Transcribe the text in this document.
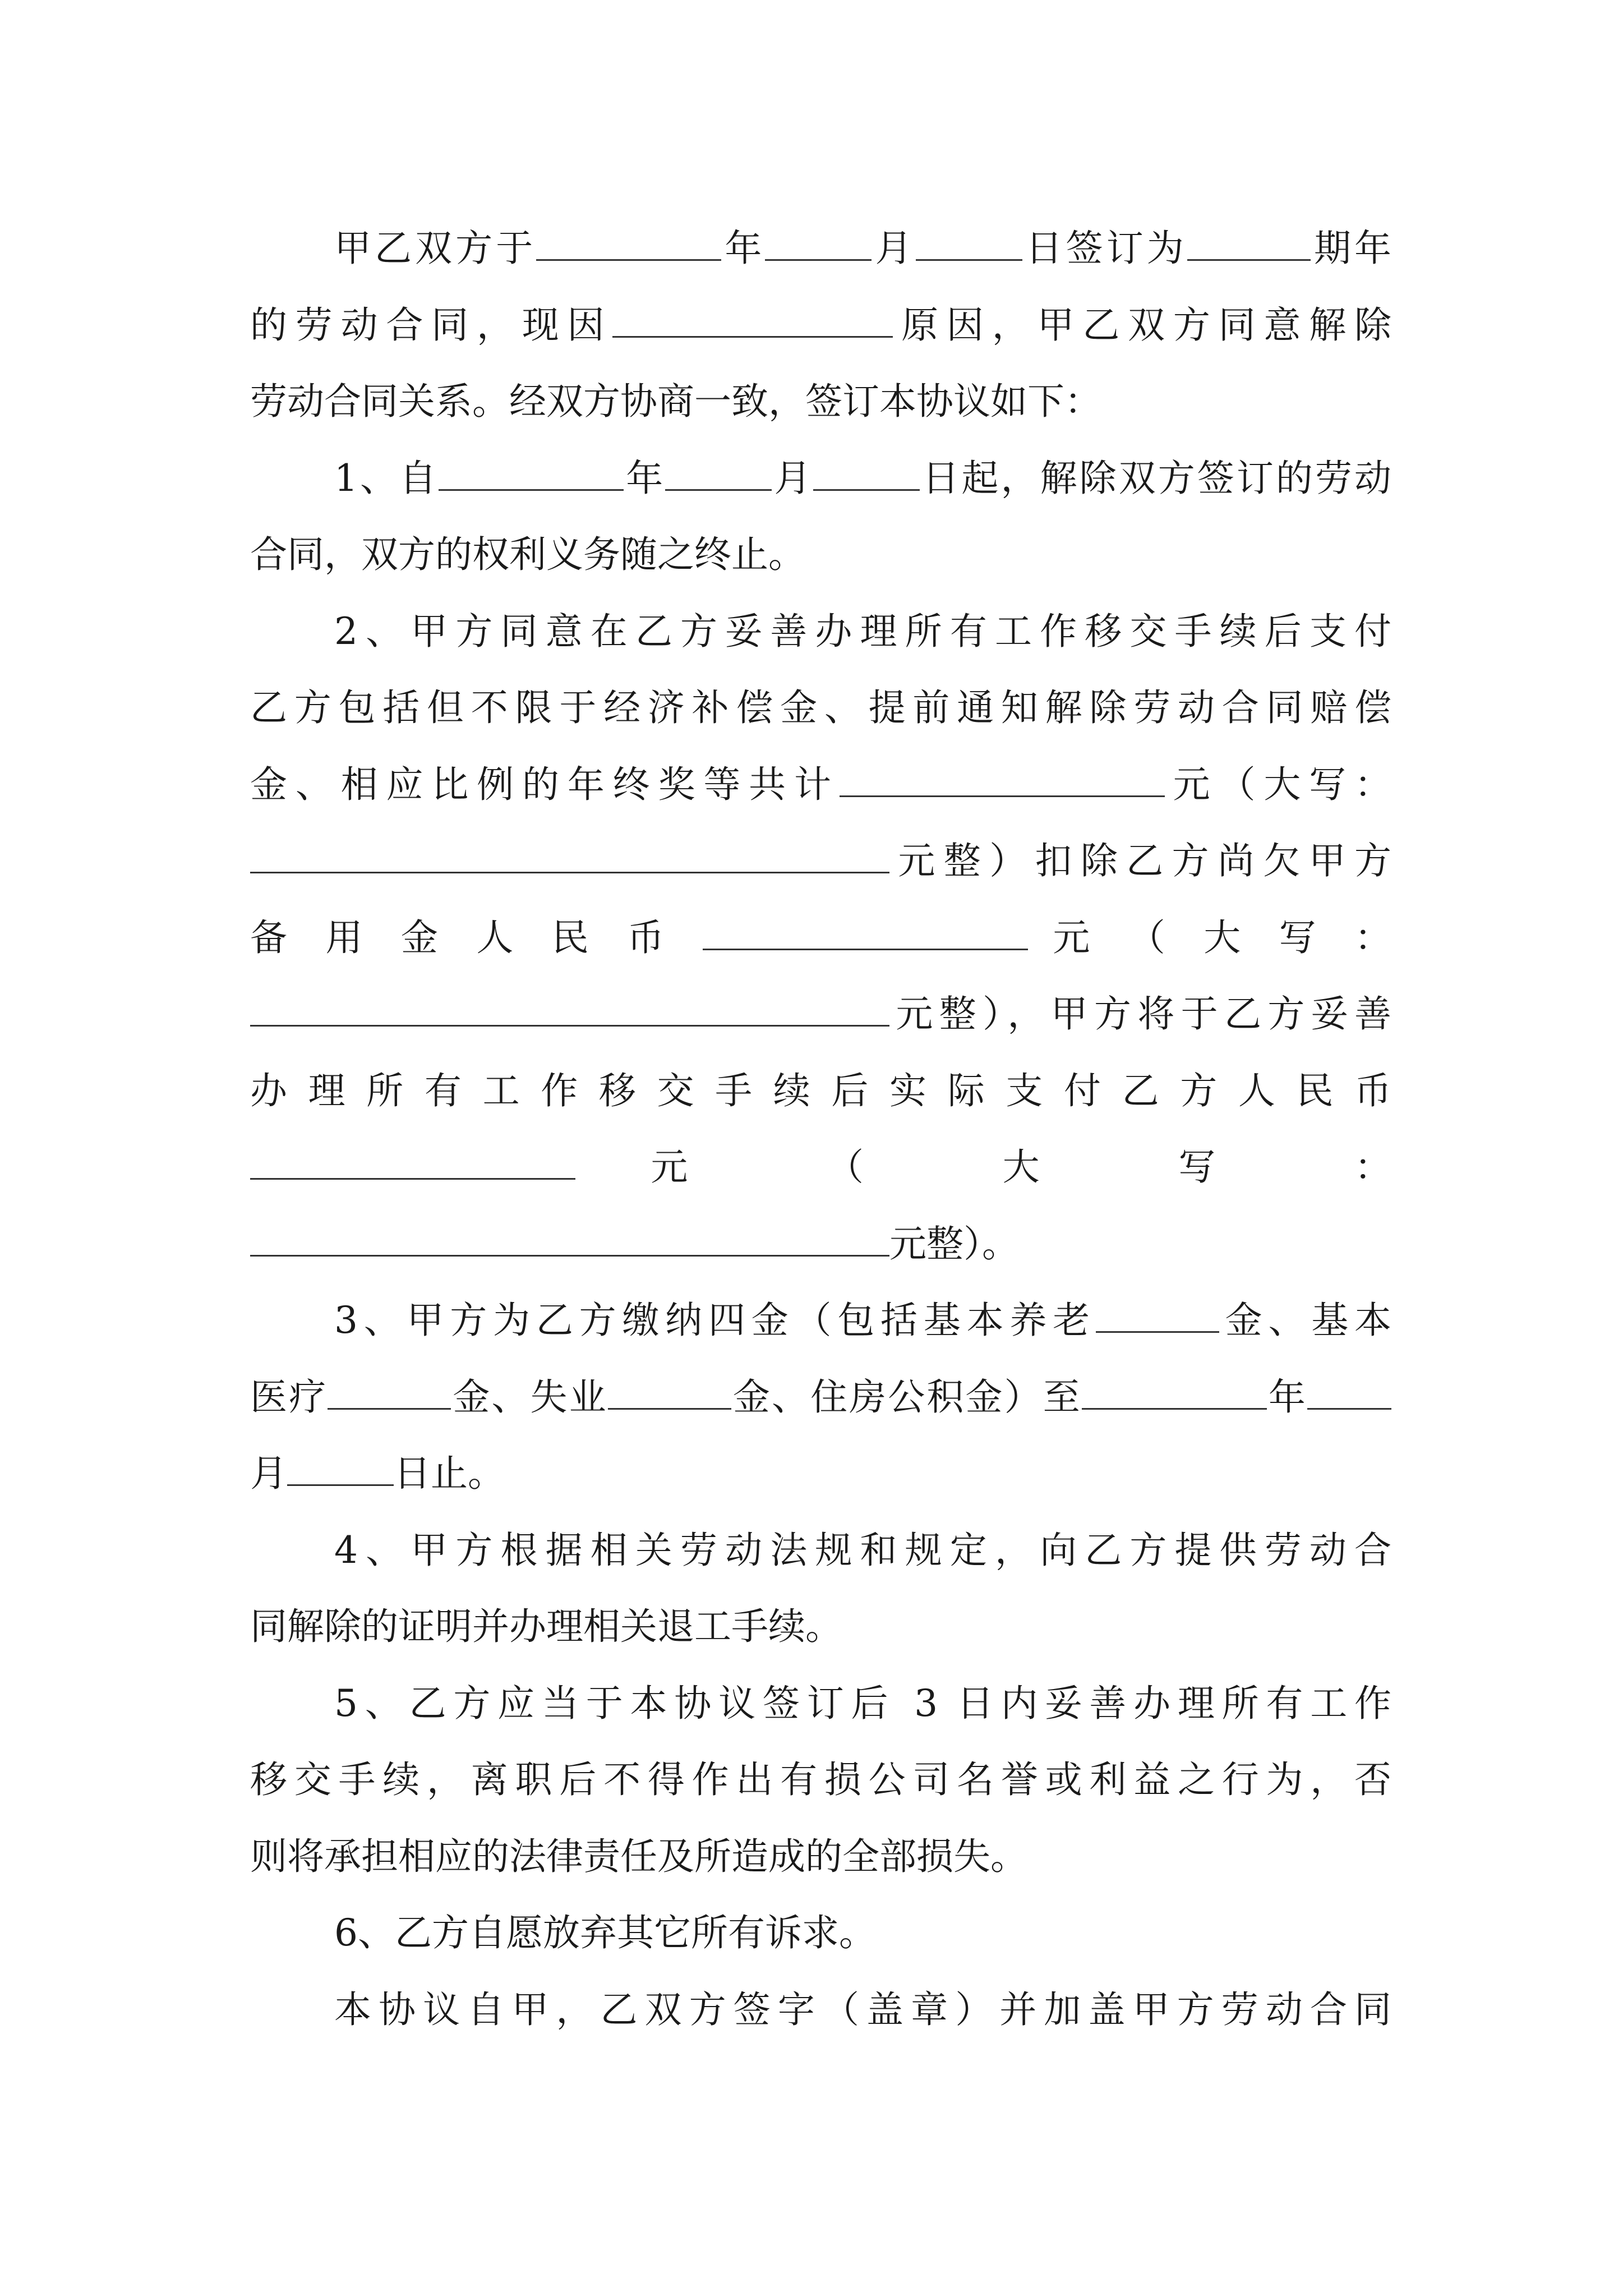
甲乙双方于	年	月	日签订为	期年
的劳动合同，现因	原因，甲乙双方同意解除
劳动合同关系。经双方协商一致，签订本协议如下：
1、自	年	月	日起，解除双方签订的劳动
合同，双方的权利义务随之终止。
2、甲方同意在乙方妥善办理所有工作移交手续后支付
乙方包括但不限于经济补偿金、提前通知解除劳动合同赔偿
金、相应比例的年终奖等共计	元（大写：
元整）扣除乙方尚欠甲方
备 用 金 人 民 币	元 （ 大 写 ：
元整），甲方将于乙方妥善
办 理 所 有 工 作 移 交 手 续 后 实 际 支 付 乙 方 人 民 币
元 （ 大 写 ：
元整）。
3、甲方为乙方缴纳四金（包括基本养老	金、基本
医疗	金、失业	金、住房公积金）至	年
月	日止。
4、甲方根据相关劳动法规和规定，向乙方提供劳动合
同解除的证明并办理相关退工手续。
5、乙方应当于本协议签订后 3 日内妥善办理所有工作
移交手续，离职后不得作出有损公司名誉或利益之行为，否
则将承担相应的法律责任及所造成的全部损失。
6、乙方自愿放弃其它所有诉求。
本协议自甲，乙双方签字（盖章）并加盖甲方劳动合同
